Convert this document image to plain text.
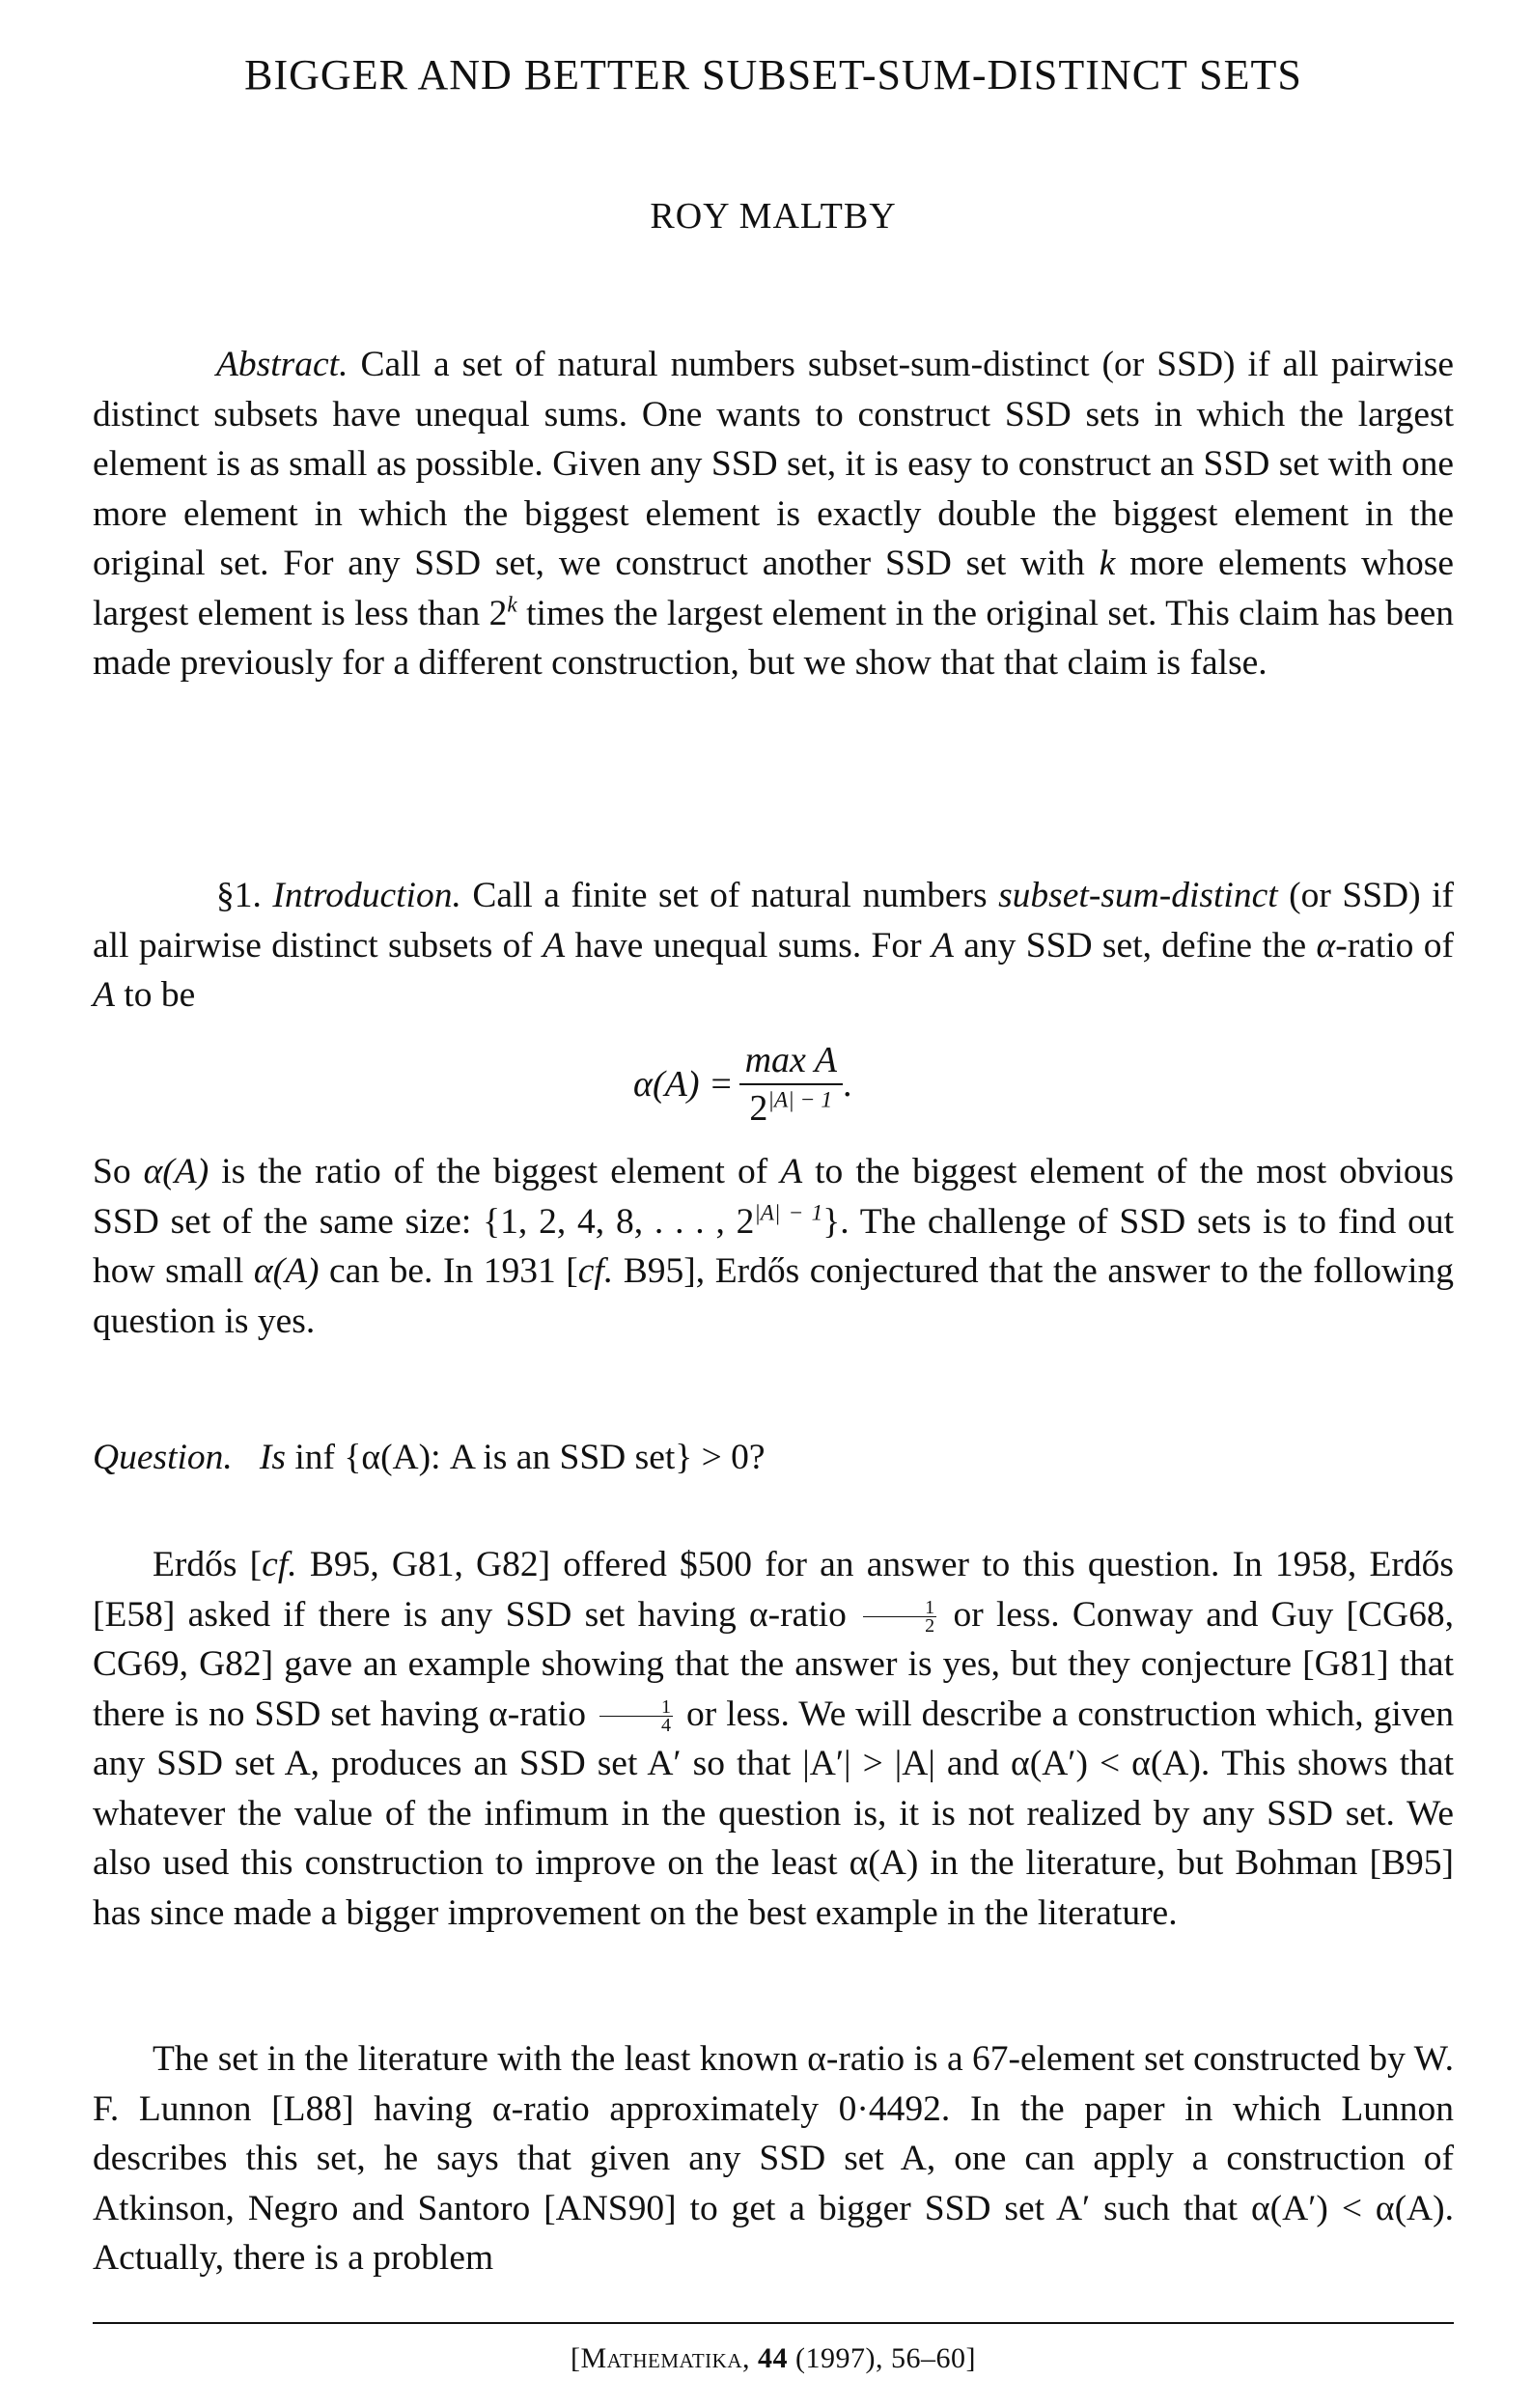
BIGGER AND BETTER SUBSET-SUM-DISTINCT SETS
ROY MALTBY

Abstract. Call a set of natural numbers subset-sum-distinct (or SSD) if all pairwise distinct subsets have unequal sums. One wants to construct SSD sets in which the largest element is as small as possible. Given any SSD set, it is easy to construct an SSD set with one more element in which the biggest element is exactly double the biggest element in the original set. For any SSD set, we construct another SSD set with k more elements whose largest element is less than 2$^k$ times the largest element in the original set. This claim has been made previously for a different construction, but we show that that claim is false.

§1. Introduction. Call a finite set of natural numbers subset-sum-distinct (or SSD) if all pairwise distinct subsets of A have unequal sums. For A any SSD set, define the α-ratio of A to be

$\alpha(A) = \frac{\text{max A}}{2^{|A| - 1}}$ .

So α(A) is the ratio of the biggest element of A to the biggest element of the most obvious SSD set of the same size: {1, 2, 4, 8, . . . , $2^{|A| - 1}$}. The challenge of SSD sets is to find out how small α(A) can be. In 1931 [cf. B95], Erdős conjectured that the answer to the following question is yes.

Question. Is inf {α(A): A is an SSD set} > 0?

Erdős [cf. B95, G81, G82] offered $500 for an answer to this question. In 1958, Erdős [E58] asked if there is any SSD set having α-ratio $\frac{1}{2}$ or less. Conway and Guy [CG68, CG69, G82] gave an example showing that the answer is yes, but they conjecture [G81] that there is no SSD set having α-ratio $\frac{1}{4}$ or less. We will describe a construction which, given any SSD set A, produces an SSD set A′ so that |A′| > |A| and α(A′) < α(A). This shows that whatever the value of the infimum in the question is, it is not realized by any SSD set. We also used this construction to improve on the least α(A) in the literature, but Bohman [B95] has since made a bigger improvement on the best example in the literature.

The set in the literature with the least known α-ratio is a 67-element set constructed by W. F. Lunnon [L88] having α-ratio approximately 0·4492. In the paper in which Lunnon describes this set, he says that given any SSD set A, one can apply a construction of Atkinson, Negro and Santoro [ANS90] to get a bigger SSD set A′ such that α(A′) < α(A). Actually, there is a problem

[Mathematika, 44 (1997), 56–60]
